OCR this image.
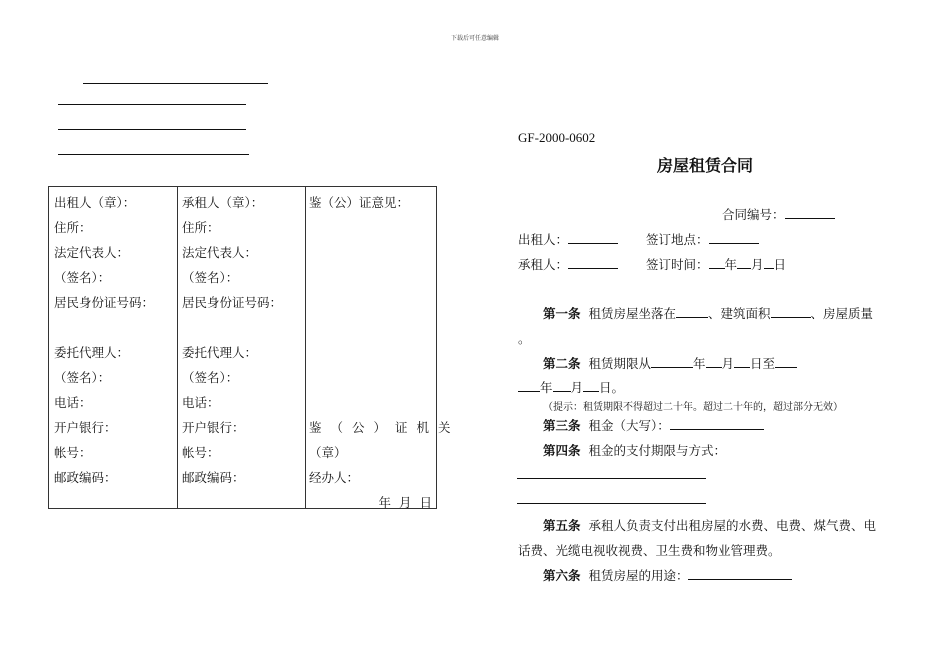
下载后可任意编辑
出租人（章）：
住所：
法定代表人：
（签名）：
居民身份证号码：
委托代理人：
（签名）：
电话：
开户银行：
帐号：
邮政编码：
承租人（章）：
住所：
法定代表人：
（签名）：
居民身份证号码：
委托代理人：
（签名）：
电话：
开户银行：
帐号：
邮政编码：
鉴（公）证意见：
鉴（公）证机关
（章）
经办人：
年 月 日
GF-2000-0602
房屋租赁合同
合同编号：
出租人：	签订地点：
承租人：	签订时间： 年 月 日
第一条 租赁房屋坐落在	、建筑面积	、房屋质量
。
第二条 租赁期限从	年 月 日至
年 月 日。
（提示：租赁期限不得超过二十年。超过二十年的，超过部分无效）
第三条 租金（大写）：
第四条 租金的支付期限与方式：
第五条 承租人负责支付出租房屋的水费、电费、煤气费、电
话费、光缆电视收视费、卫生费和物业管理费。
第六条 租赁房屋的用途：
